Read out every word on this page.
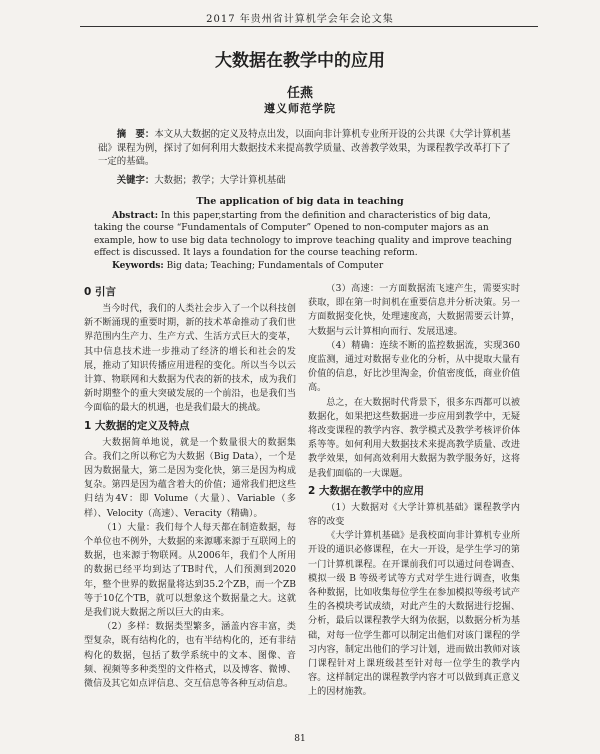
2017 年贵州省计算机学会年会论文集
大数据在教学中的应用
任燕
遵义师范学院
摘　要：本文从大数据的定义及特点出发，以面向非计算机专业所开设的公共课《大学计算机基础》课程为例，探讨了如何利用大数据技术来提高教学质量、改善教学效果，为课程教学改革打下了一定的基础。
关键字：大数据；教学；大学计算机基础
The application of big data in teaching
Abstract: In this paper,starting from the definition and characteristics of big data, taking the course “Fundamentals of Computer” Opened to non-computer majors as an example, how to use big data technology to improve teaching quality and improve teaching effect is discussed. It lays a foundation for the course teaching reform.
Keywords: Big data; Teaching; Fundamentals of Computer
0 引言

当今时代，我们的人类社会步入了一个以科技创新不断涌现的重要时期，新的技术革命推动了我们世界范围内生产力、生产方式、生活方式巨大的变革，其中信息技术进一步推动了经济的增长和社会的发展，推动了知识传播应用进程的变化。所以当今以云计算、物联网和大数据为代表的新的技术，成为我们新时期整个的重大突破发展的一个前沿，也是我们当今面临的最大的机遇，也是我们最大的挑战。

1 大数据的定义及特点

大数据简单地说，就是一个数量很大的数据集合。我们之所以称它为大数据（Big Data），一个是因为数据量大，第二是因为变化快，第三是因为构成复杂。第四是因为蕴含着大的价值；通常我们把这些归结为4V：即 Volume（大量）、Variable（多样）、Velocity（高速）、Veracity（精确）。

（1）大量：我们每个人每天都在制造数据，每个单位也不例外，大数据的来源哪来源于互联网上的数据，也来源于物联网。从2006年，我们个人所用的数据已经平均到达了TB时代，人们预测到2020年，整个世界的数据量将达到35.2个ZB，而一个ZB等于10亿个TB，就可以想象这个数据量之大。这就是我们说大数据之所以巨大的由来。

（2）多样：数据类型繁多，涵盖内容丰富，类型复杂，既有结构化的，也有半结构化的，还有非结构化的数据，包括了数学系统中的文本、图像、音频、视频等多种类型的文件格式，以及博客、微博、微信及其它如点评信息、交互信息等各种互动信息。

（3）高速：一方面数据流飞速产生，需要实时获取，即在第一时间机在重要信息并分析决策。另一方面数据变化快，处理速度高，大数据需要云计算，大数据与云计算相向而行、发展迅速。

（4）精确：连续不断的监控数据流，实现360度监测，通过对数据专业化的分析，从中提取大量有价值的信息，好比沙里淘金，价值密度低，商业价值高。

总之，在大数据时代背景下，很多东西都可以被数据化，如果把这些数据进一步应用到教学中，无疑将改变课程的教学内容、教学模式及教学考核评价体系等等。如何利用大数据技术来提高教学质量、改进教学效果，如何高效利用大数据为教学服务好，这将是我们面临的一大课题。

2 大数据在教学中的应用

（1）大数据对《大学计算机基础》课程教学内容的改变

《大学计算机基础》是我校面向非计算机专业所开设的通识必修课程，在大一开设，是学生学习的第一门计算机课程。在开课前我们可以通过问卷调查、模拟一级 B 等级考试等方式对学生进行调查，收集各种数据，比如收集每位学生在参加模拟等级考试产生的各模块考试成绩，对此产生的大数据进行挖掘、分析，最后以课程教学大纲为依据，以数据分析为基础，对每一位学生都可以制定出他们对该门课程的学习内容，制定出他们的学习计划，进而做出教师对该门课程针对上课班级甚至针对每一位学生的教学内容。这样制定出的课程教学内容才可以做到真正意义上的因材施教。

81
